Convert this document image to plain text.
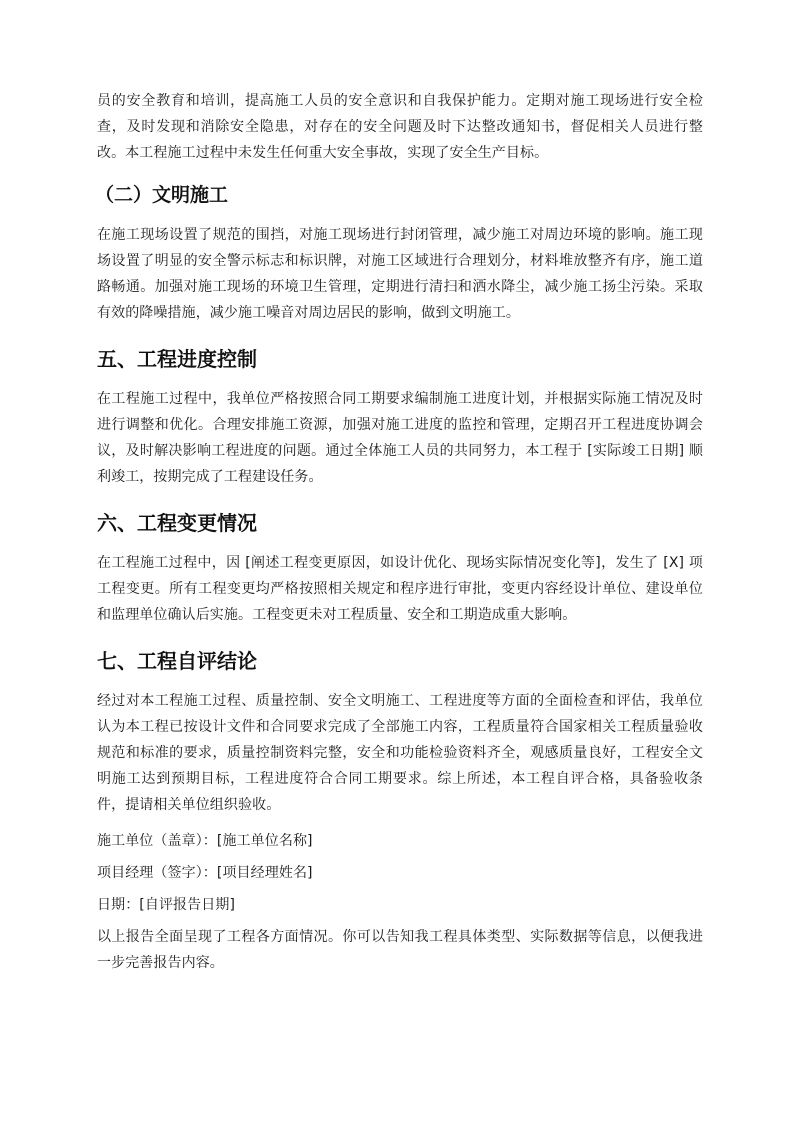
员的安全教育和培训，提高施工人员的安全意识和自我保护能力。定期对施工现场进行安全检查，及时发现和消除安全隐患，对存在的安全问题及时下达整改通知书，督促相关人员进行整改。本工程施工过程中未发生任何重大安全事故，实现了安全生产目标。

（二）文明施工

在施工现场设置了规范的围挡，对施工现场进行封闭管理，减少施工对周边环境的影响。施工现场设置了明显的安全警示标志和标识牌，对施工区域进行合理划分，材料堆放整齐有序，施工道路畅通。加强对施工现场的环境卫生管理，定期进行清扫和洒水降尘，减少施工扬尘污染。采取有效的降噪措施，减少施工噪音对周边居民的影响，做到文明施工。

五、工程进度控制

在工程施工过程中，我单位严格按照合同工期要求编制施工进度计划，并根据实际施工情况及时进行调整和优化。合理安排施工资源，加强对施工进度的监控和管理，定期召开工程进度协调会议，及时解决影响工程进度的问题。通过全体施工人员的共同努力，本工程于 [实际竣工日期] 顺利竣工，按期完成了工程建设任务。

六、工程变更情况

在工程施工过程中，因 [阐述工程变更原因，如设计优化、现场实际情况变化等]，发生了 [X] 项工程变更。所有工程变更均严格按照相关规定和程序进行审批，变更内容经设计单位、建设单位和监理单位确认后实施。工程变更未对工程质量、安全和工期造成重大影响。

七、工程自评结论

经过对本工程施工过程、质量控制、安全文明施工、工程进度等方面的全面检查和评估，我单位认为本工程已按设计文件和合同要求完成了全部施工内容，工程质量符合国家相关工程质量验收规范和标准的要求，质量控制资料完整，安全和功能检验资料齐全，观感质量良好，工程安全文明施工达到预期目标，工程进度符合合同工期要求。综上所述，本工程自评合格，具备验收条件，提请相关单位组织验收。

施工单位（盖章）：[施工单位名称]

项目经理（签字）：[项目经理姓名]

日期：[自评报告日期]

以上报告全面呈现了工程各方面情况。你可以告知我工程具体类型、实际数据等信息，以便我进一步完善报告内容。
